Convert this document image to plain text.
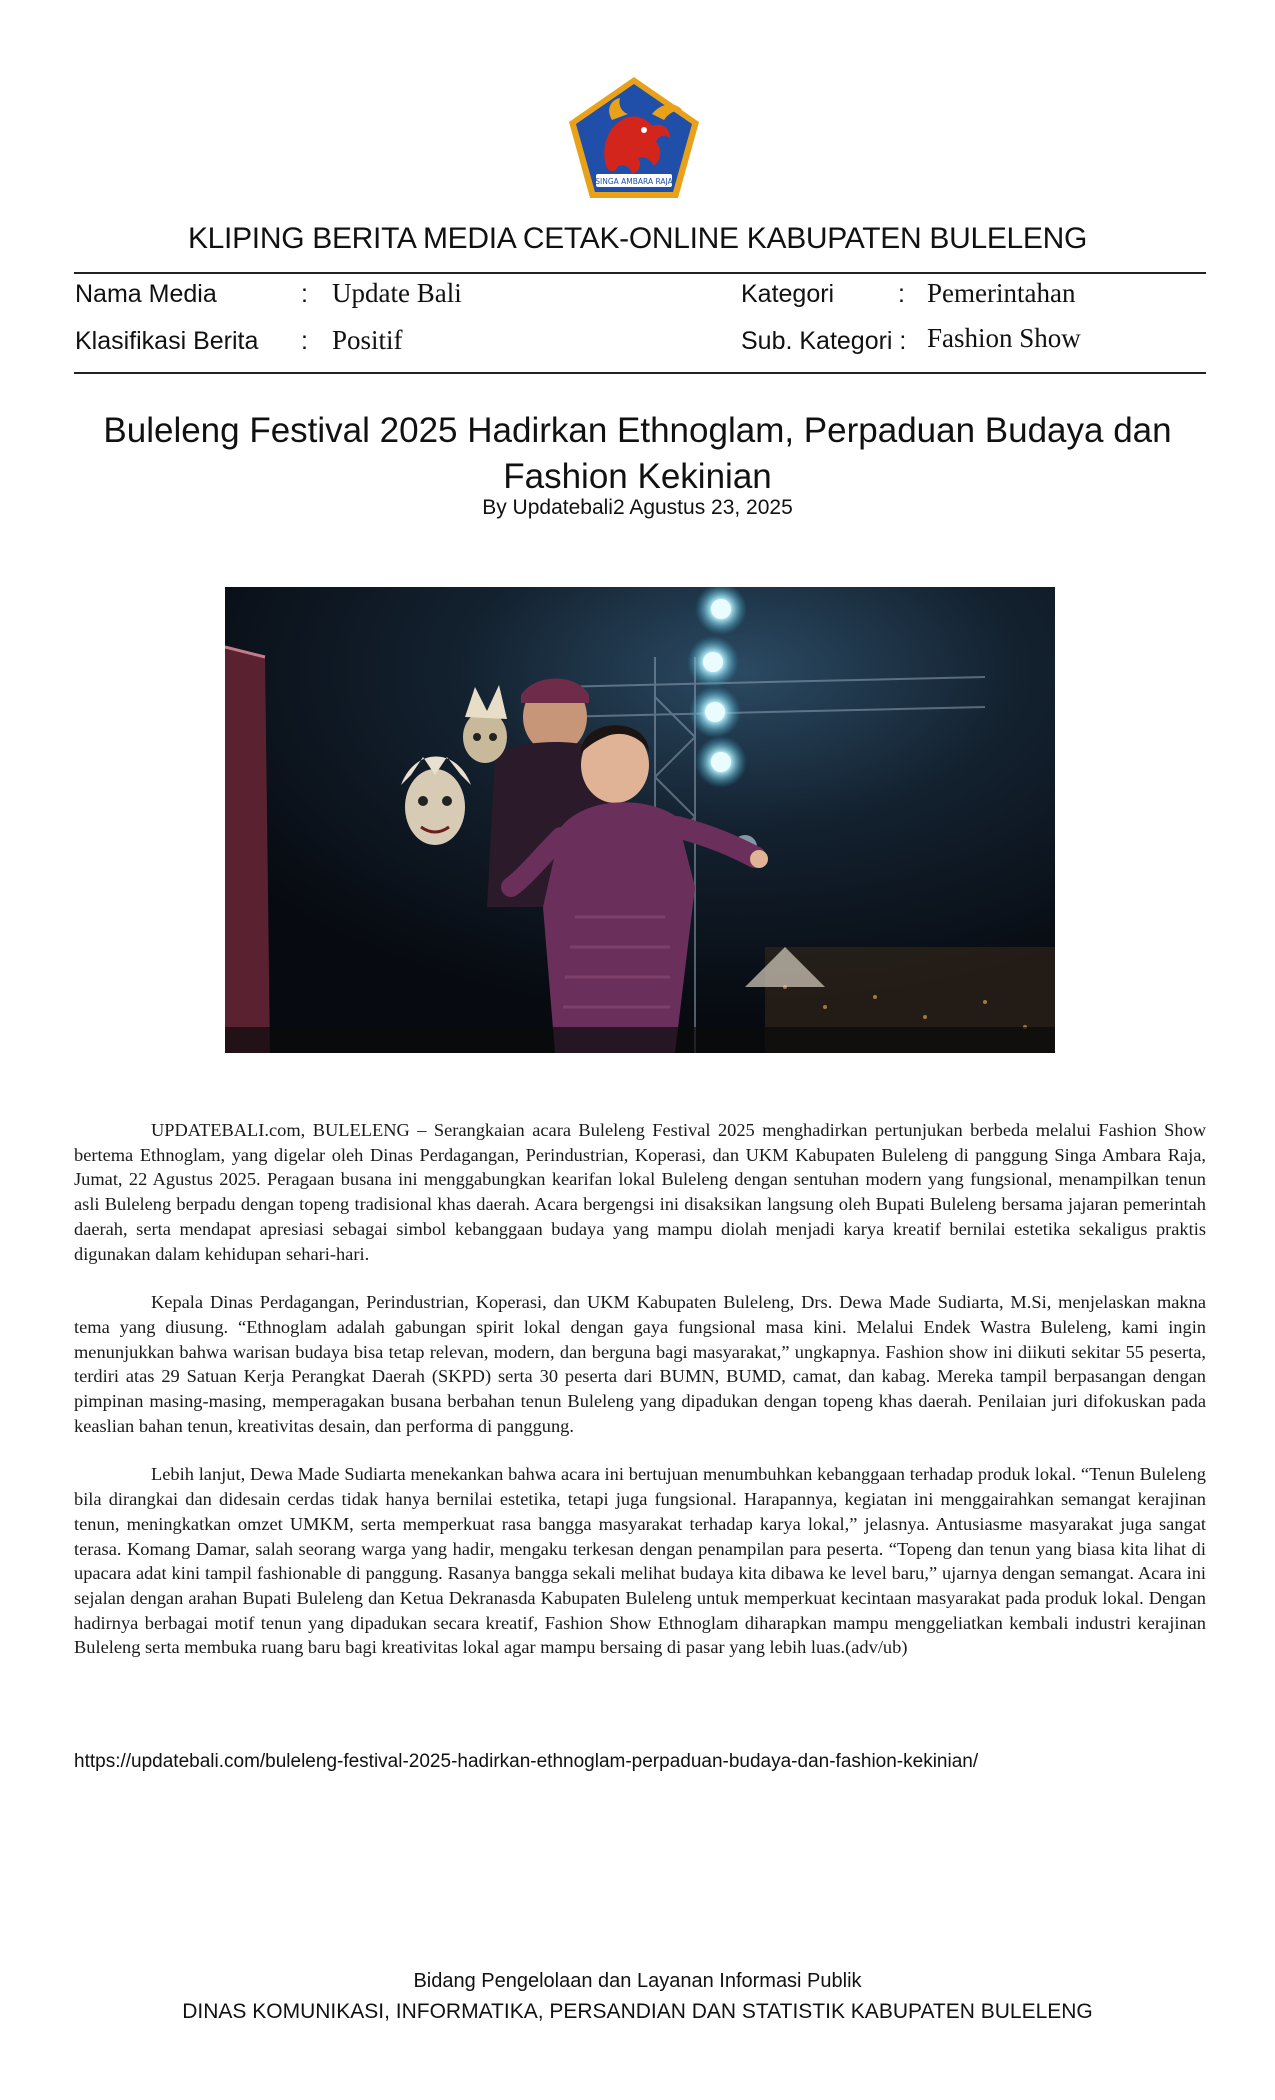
SINGA AMBARA RAJA
KLIPING BERITA MEDIA CETAK-ONLINE KABUPATEN BULELENG
Nama Media	: Update Bali	Kategori	: Pemerintahan
Klasifikasi Berita : Positif	Sub. Kategori : Fashion Show
Buleleng Festival 2025 Hadirkan Ethnoglam, Perpaduan Budaya dan Fashion Kekinian
By Updatebali2 Agustus 23, 2025

UPDATEBALI.com, BULELENG – Serangkaian acara Buleleng Festival 2025 menghadirkan pertunjukan berbeda melalui Fashion Show bertema Ethnoglam, yang digelar oleh Dinas Perdagangan, Perindustrian, Koperasi, dan UKM Kabupaten Buleleng di panggung Singa Ambara Raja, Jumat, 22 Agustus 2025. Peragaan busana ini menggabungkan kearifan lokal Buleleng dengan sentuhan modern yang fungsional, menampilkan tenun asli Buleleng berpadu dengan topeng tradisional khas daerah. Acara bergengsi ini disaksikan langsung oleh Bupati Buleleng bersama jajaran pemerintah daerah, serta mendapat apresiasi sebagai simbol kebanggaan budaya yang mampu diolah menjadi karya kreatif bernilai estetika sekaligus praktis digunakan dalam kehidupan sehari-hari.

Kepala Dinas Perdagangan, Perindustrian, Koperasi, dan UKM Kabupaten Buleleng, Drs. Dewa Made Sudiarta, M.Si, menjelaskan makna tema yang diusung. “Ethnoglam adalah gabungan spirit lokal dengan gaya fungsional masa kini. Melalui Endek Wastra Buleleng, kami ingin menunjukkan bahwa warisan budaya bisa tetap relevan, modern, dan berguna bagi masyarakat,” ungkapnya. Fashion show ini diikuti sekitar 55 peserta, terdiri atas 29 Satuan Kerja Perangkat Daerah (SKPD) serta 30 peserta dari BUMN, BUMD, camat, dan kabag. Mereka tampil berpasangan dengan pimpinan masing-masing, memperagakan busana berbahan tenun Buleleng yang dipadukan dengan topeng khas daerah. Penilaian juri difokuskan pada keaslian bahan tenun, kreativitas desain, dan performa di panggung.

Lebih lanjut, Dewa Made Sudiarta menekankan bahwa acara ini bertujuan menumbuhkan kebanggaan terhadap produk lokal. “Tenun Buleleng bila dirangkai dan didesain cerdas tidak hanya bernilai estetika, tetapi juga fungsional. Harapannya, kegiatan ini menggairahkan semangat kerajinan tenun, meningkatkan omzet UMKM, serta memperkuat rasa bangga masyarakat terhadap karya lokal,” jelasnya. Antusiasme masyarakat juga sangat terasa. Komang Damar, salah seorang warga yang hadir, mengaku terkesan dengan penampilan para peserta. “Topeng dan tenun yang biasa kita lihat di upacara adat kini tampil fashionable di panggung. Rasanya bangga sekali melihat budaya kita dibawa ke level baru,” ujarnya dengan semangat. Acara ini sejalan dengan arahan Bupati Buleleng dan Ketua Dekranasda Kabupaten Buleleng untuk memperkuat kecintaan masyarakat pada produk lokal. Dengan hadirnya berbagai motif tenun yang dipadukan secara kreatif, Fashion Show Ethnoglam diharapkan mampu menggeliatkan kembali industri kerajinan Buleleng serta membuka ruang baru bagi kreativitas lokal agar mampu bersaing di pasar yang lebih luas.(adv/ub)

https://updatebali.com/buleleng-festival-2025-hadirkan-ethnoglam-perpaduan-budaya-dan-fashion-kekinian/
Bidang Pengelolaan dan Layanan Informasi Publik
DINAS KOMUNIKASI, INFORMATIKA, PERSANDIAN DAN STATISTIK KABUPATEN BULELENG
